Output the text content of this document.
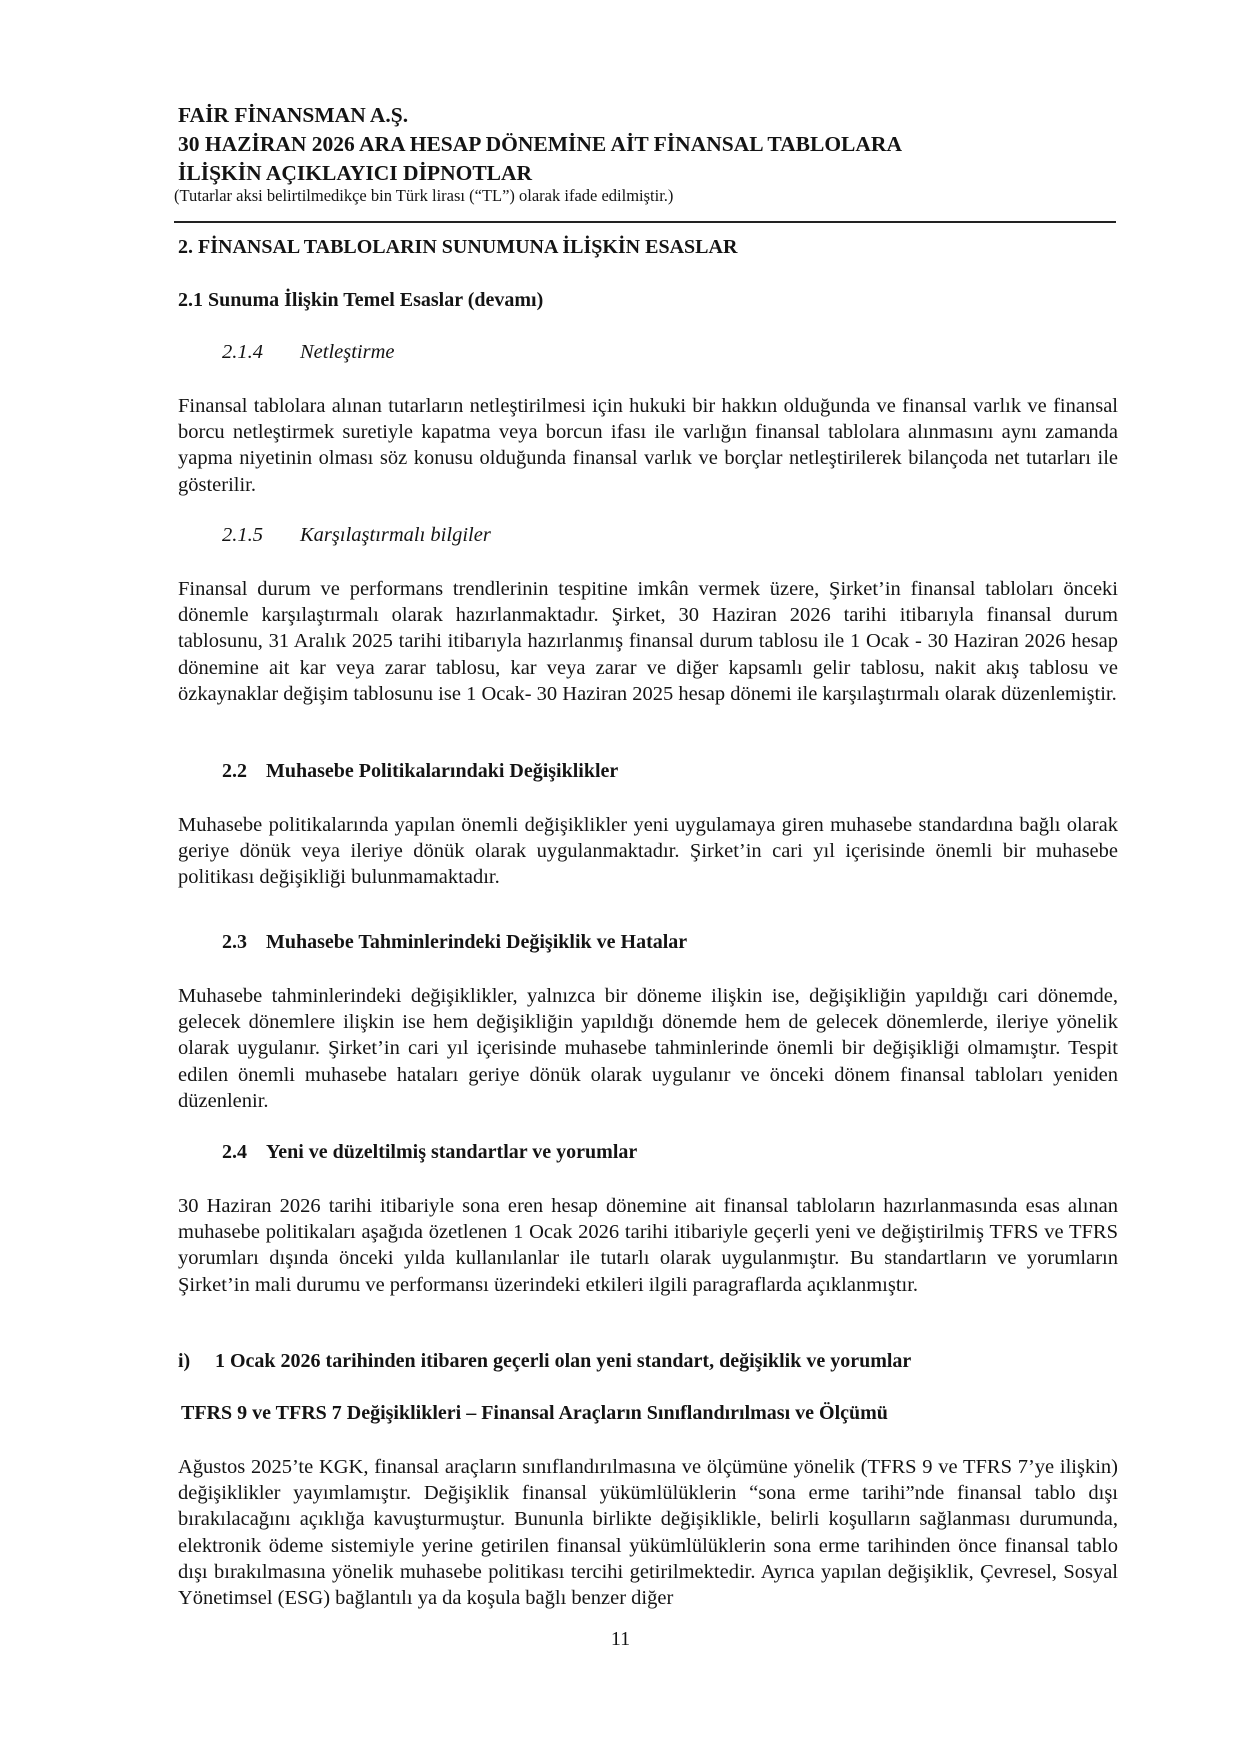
FAİR FİNANSMAN A.Ş.
30 HAZİRAN 2026 ARA HESAP DÖNEMİNE AİT FİNANSAL TABLOLARA
İLİŞKİN AÇIKLAYICI DİPNOTLAR
(Tutarlar aksi belirtilmedikçe bin Türk lirası (“TL”) olarak ifade edilmiştir.)
2. FİNANSAL TABLOLARIN SUNUMUNA İLİŞKİN ESASLAR
2.1 Sunuma İlişkin Temel Esaslar (devamı)
2.1.4 Netleştirme
Finansal tablolara alınan tutarların netleştirilmesi için hukuki bir hakkın olduğunda ve finansal varlık ve finansal borcu netleştirmek suretiyle kapatma veya borcun ifası ile varlığın finansal tablolara alınmasını aynı zamanda yapma niyetinin olması söz konusu olduğunda finansal varlık ve borçlar netleştirilerek bilançoda net tutarları ile gösterilir.
2.1.5 Karşılaştırmalı bilgiler
Finansal durum ve performans trendlerinin tespitine imkân vermek üzere, Şirket’in finansal tabloları önceki dönemle karşılaştırmalı olarak hazırlanmaktadır. Şirket, 30 Haziran 2026 tarihi itibarıyla finansal durum tablosunu, 31 Aralık 2025 tarihi itibarıyla hazırlanmış finansal durum tablosu ile 1 Ocak - 30 Haziran 2026 hesap dönemine ait kar veya zarar tablosu, kar veya zarar ve diğer kapsamlı gelir tablosu, nakit akış tablosu ve özkaynaklar değişim tablosunu ise 1 Ocak- 30 Haziran 2025 hesap dönemi ile karşılaştırmalı olarak düzenlemiştir.
2.2 Muhasebe Politikalarındaki Değişiklikler
Muhasebe politikalarında yapılan önemli değişiklikler yeni uygulamaya giren muhasebe standardına bağlı olarak geriye dönük veya ileriye dönük olarak uygulanmaktadır. Şirket’in cari yıl içerisinde önemli bir muhasebe politikası değişikliği bulunmamaktadır.
2.3 Muhasebe Tahminlerindeki Değişiklik ve Hatalar
Muhasebe tahminlerindeki değişiklikler, yalnızca bir döneme ilişkin ise, değişikliğin yapıldığı cari dönemde, gelecek dönemlere ilişkin ise hem değişikliğin yapıldığı dönemde hem de gelecek dönemlerde, ileriye yönelik olarak uygulanır. Şirket’in cari yıl içerisinde muhasebe tahminlerinde önemli bir değişikliği olmamıştır. Tespit edilen önemli muhasebe hataları geriye dönük olarak uygulanır ve önceki dönem finansal tabloları yeniden düzenlenir.
2.4 Yeni ve düzeltilmiş standartlar ve yorumlar
30 Haziran 2026 tarihi itibariyle sona eren hesap dönemine ait finansal tabloların hazırlanmasında esas alınan muhasebe politikaları aşağıda özetlenen 1 Ocak 2026 tarihi itibariyle geçerli yeni ve değiştirilmiş TFRS ve TFRS yorumları dışında önceki yılda kullanılanlar ile tutarlı olarak uygulanmıştır. Bu standartların ve yorumların Şirket’in mali durumu ve performansı üzerindeki etkileri ilgili paragraflarda açıklanmıştır.
i) 1 Ocak 2026 tarihinden itibaren geçerli olan yeni standart, değişiklik ve yorumlar
TFRS 9 ve TFRS 7 Değişiklikleri – Finansal Araçların Sınıflandırılması ve Ölçümü
Ağustos 2025’te KGK, finansal araçların sınıflandırılmasına ve ölçümüne yönelik (TFRS 9 ve TFRS 7’ye ilişkin) değişiklikler yayımlamıştır. Değişiklik finansal yükümlülüklerin “sona erme tarihi”nde finansal tablo dışı bırakılacağını açıklığa kavuşturmuştur. Bununla birlikte değişiklikle, belirli koşulların sağlanması durumunda, elektronik ödeme sistemiyle yerine getirilen finansal yükümlülüklerin sona erme tarihinden önce finansal tablo dışı bırakılmasına yönelik muhasebe politikası tercihi getirilmektedir. Ayrıca yapılan değişiklik, Çevresel, Sosyal Yönetimsel (ESG) bağlantılı ya da koşula bağlı benzer diğer
11
